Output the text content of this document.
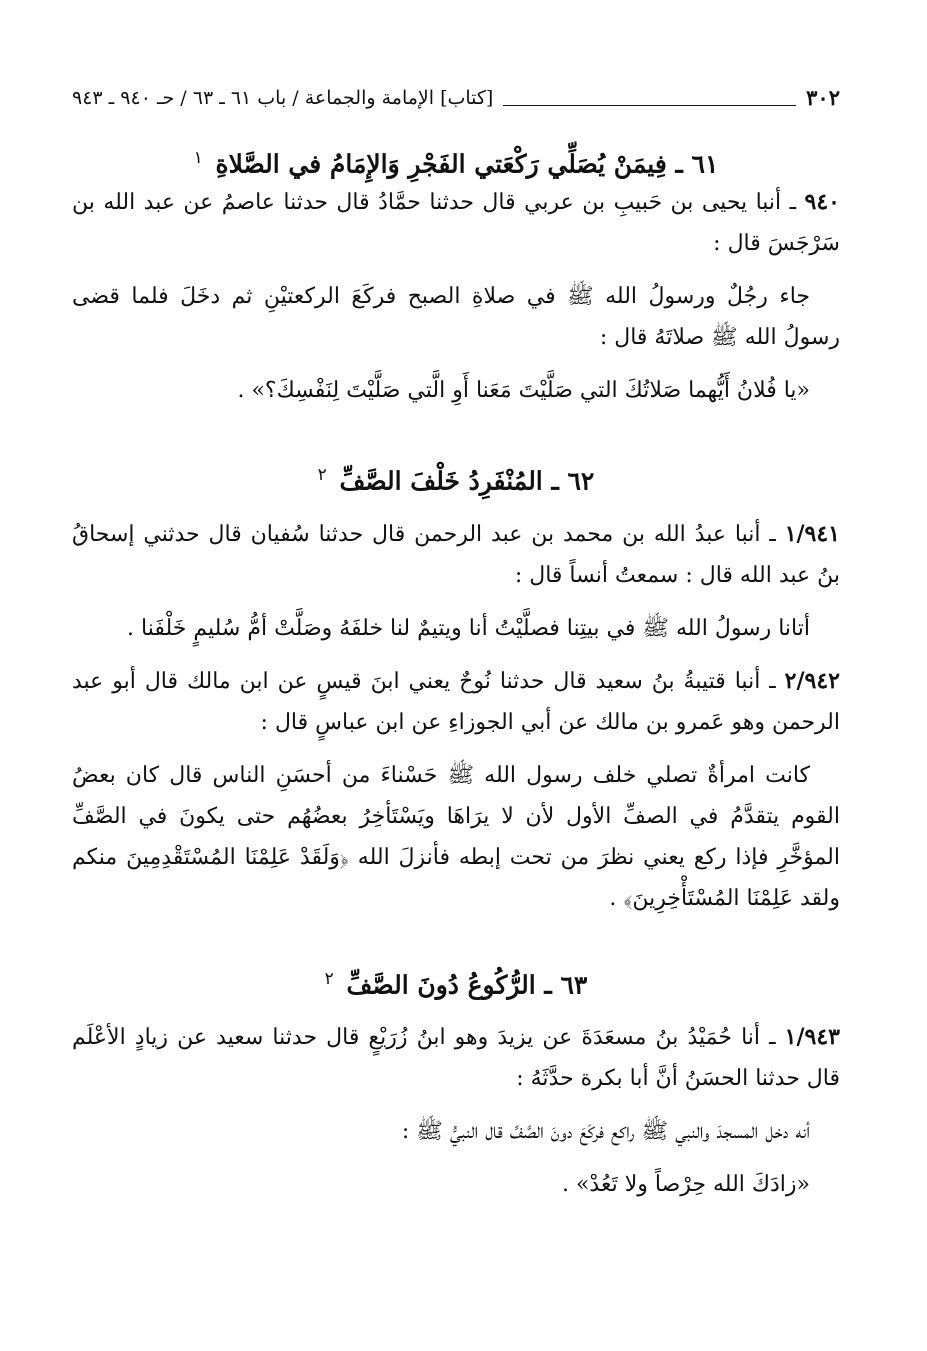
٣٠٢
[كتاب] الإمامة والجماعة / باب ٦١ ـ ٦٣ / حـ ٩٤٠ ـ ٩٤٣
٦١ ـ فِيمَنْ يُصَلِّي رَكْعَتي الفَجْرِ وَالإِمَامُ في الصَّلاةِ $^١$

٩٤٠ ـ أنبا يحيى بن حَبيبِ بن عربي قال حدثنا حمَّادُ قال حدثنا عاصمُ عن عبد الله بن سَرْجَسَ قال :

جاء رجُلٌ ورسولُ الله ﷺ في صلاةِ الصبح فركَعَ الركعتيْنِ ثم دخَلَ فلما قضى رسولُ الله ﷺ صلاتَهُ قال :

«يا فُلانُ أَيُّهما صَلاتُكَ التي صَلَّيْتَ مَعَنا أَوِ الَّتي صَلَّيْتَ لِنَفْسِكَ؟» .

٦٢ ـ المُنْفَرِدُ خَلْفَ الصَّفِّ $^٢$

١/٩٤١ ـ أنبا عبدُ الله بن محمد بن عبد الرحمن قال حدثنا سُفيان قال حدثني إسحاقُ بنُ عبد الله قال : سمعتُ أنساً قال :

أتانا رسولُ الله ﷺ في بيتِنا فصلَّيْتُ أنا ويتيمٌ لنا خلفَهُ وصَلَّتْ أمُّ سُليمٍ خَلْفَنا .

٢/٩٤٢ ـ أنبا قتيبةُ بنُ سعيد قال حدثنا نُوحٌ يعني ابنَ قيسٍ عن ابن مالك قال أبو عبد الرحمن وهو عَمرو بن مالك عن أبي الجوزاءِ عن ابن عباسٍ قال :

كانت امرأةٌ تصلي خلف رسول الله ﷺ حَسْناءَ من أحسَنِ الناس قال كان بعضُ القوم يتقدَّمُ في الصفِّ الأول لأن لا يرَاهَا ويَسْتَأخِرُ بعضُهُم حتى يكونَ في الصَّفِّ المؤخَّرِ فإذا ركع يعني نظرَ من تحت إبطه فأنزلَ الله ﴿وَلَقَدْ عَلِمْنَا المُسْتَقْدِمِينَ منكم ولقد عَلِمْنَا المُسْتَأْخِرِينَ﴾ .

٦٣ ـ الرُّكُوعُ دُونَ الصَّفِّ $^٢$

١/٩٤٣ ـ أنا حُمَيْدُ بنُ مسعَدَةَ عن يزيدَ وهو ابنُ زُرَيْعٍ قال حدثنا سعيد عن زيادٍ الأعْلَم قال حدثنا الحسَنُ أنَّ أبا بكرة حدَّثَهُ :

أنه دخل المسجدَ والنبي ﷺ راكع فركَعَ دونَ الصَّفِّ قال النبيُّ ﷺ :

«زادَكَ الله حِرْصاً ولا تَعُدْ» .
